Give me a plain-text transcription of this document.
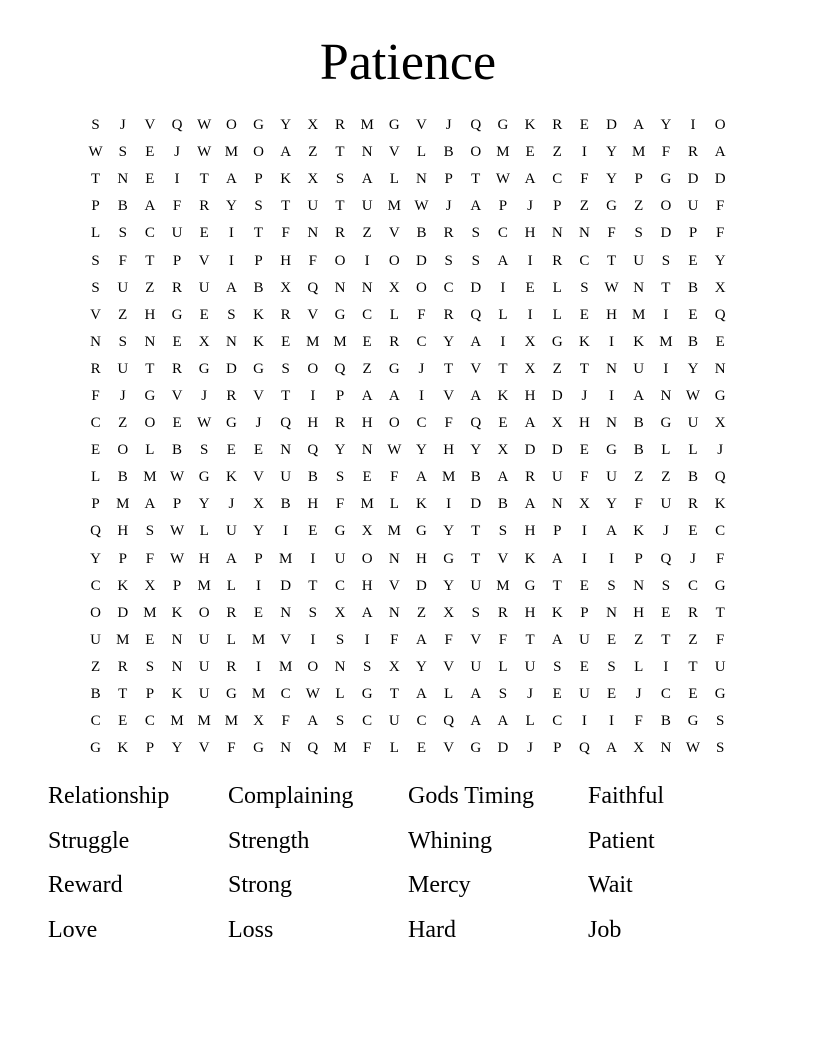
Patience
S	J	V	Q W O	G	Y	X	R	M	G	V	J	Q	G	K	R	E	D	A	Y	I	O
W	S	E	J	W M	O	A	Z	T	N	V	L	B	O	M	E	Z	I	Y	M	F	R	A
T	N	E	I	T	A	P	K	X	S	A	L	N	P	T	W A	C	F	Y	P	G	D	D
P	B	A	F	R	Y	S	T	U	T	U	M W	J	A	P	J	P	Z	G	Z	O	U	F
L	S	C	U	E	I	T	F	N	R	Z	V	B	R	S	C	H	N	N	F	S	D	P	F
S	F	T	P	V	I	P	H	F	O	I	O	D	S	S	A	I	R	C	T	U	S	E	Y
S	U	Z	R	U	A	B	X	Q	N	N	X	O	C	D	I	E	L	S	W N	T	B	X
V	Z	H	G	E	S	K	R	V	G	C	L	F	R	Q	L	I	L	E	H	M	I	E	Q
N	S	N	E	X	N	K	E	M M	E	R	C	Y	A	I	X	G	K	I	K	M	B	E
R	U	T	R	G	D	G	S	O	Q	Z	G	J	T	V	T	X	Z	T	N	U	I	Y	N
F	J	G	V	J	R	V	T	I	P	A	A	I	V	A	K	H	D	J	I	A	N W G
C	Z	O	E	W G	J	Q	H	R	H	O	C	F	Q	E	A	X	H	N	B	G	U	X
E	O	L	B	S	E	E	N	Q	Y	N W Y	H	Y	X	D	D	E	G	B	L	L	J
L	B	M W G	K	V	U	B	S	E	F	A	M	B	A	R	U	F	U	Z	Z	B	Q
P	M	A	P	Y	J	X	B	H	F	M	L	K	I	D	B	A	N	X	Y	F	U	R	K
Q	H	S	W	L	U	Y	I	E	G	X	M	G	Y	T	S	H	P	I	A	K	J	E	C
Y	P	F	W H	A	P	M	I	U	O	N	H	G	T	V	K	A	I	I	P	Q	J	F
C	K	X	P	M	L	I	D	T	C	H	V	D	Y	U	M	G	T	E	S	N	S	C	G
O	D	M	K	O	R	E	N	S	X	A	N	Z	X	S	R	H	K	P	N	H	E	R	T
U	M	E	N	U	L	M	V	I	S	I	F	A	F	V	F	T	A	U	E	Z	T	Z	F
Z	R	S	N	U	R	I	M	O	N	S	X	Y	V	U	L	U	S	E	S	L	I	T	U
B	T	P	K	U	G	M	C	W	L	G	T	A	L	A	S	J	E	U	E	J	C	E	G
C	E	C	M M M	X	F	A	S	C	U	C	Q	A	A	L	C	I	I	F	B	G	S
G	K	P	Y	V	F	G	N	Q	M	F	L	E	V	G	D	J	P	Q	A	X	N W	S
Relationship	Complaining	Gods Timing	Faithful
Struggle	Strength	Whining	Patient
Reward	Strong	Mercy	Wait
Love	Loss	Hard	Job
